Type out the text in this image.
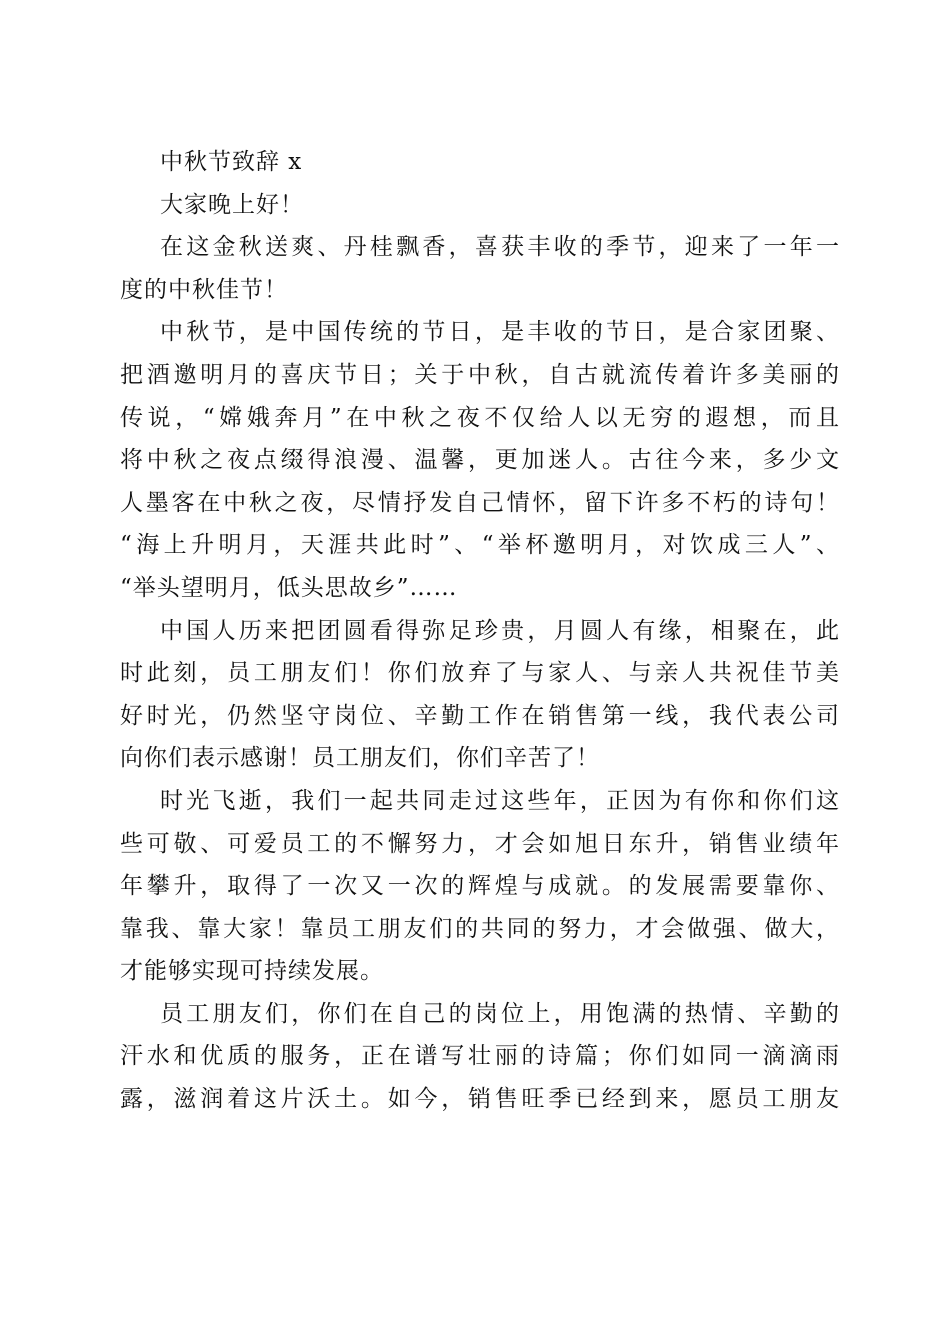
中秋节致辞 x
大家晚上好！
在这金秋送爽、丹桂飘香，喜获丰收的季节，迎来了一年一
度的中秋佳节！
中秋节，是中国传统的节日，是丰收的节日，是合家团聚、
把酒邀明月的喜庆节日；关于中秋，自古就流传着许多美丽的
传说，“嫦娥奔月”在中秋之夜不仅给人以无穷的遐想，而且
将中秋之夜点缀得浪漫、温馨，更加迷人。古往今来，多少文
人墨客在中秋之夜，尽情抒发自己情怀，留下许多不朽的诗句！
“海上升明月，天涯共此时”、“举杯邀明月，对饮成三人”、
“举头望明月，低头思故乡”……
中国人历来把团圆看得弥足珍贵，月圆人有缘，相聚在，此
时此刻，员工朋友们！你们放弃了与家人、与亲人共祝佳节美
好时光，仍然坚守岗位、辛勤工作在销售第一线，我代表公司
向你们表示感谢！员工朋友们，你们辛苦了！
时光飞逝，我们一起共同走过这些年，正因为有你和你们这
些可敬、可爱员工的不懈努力，才会如旭日东升，销售业绩年
年攀升，取得了一次又一次的辉煌与成就。的发展需要靠你、
靠我、靠大家！靠员工朋友们的共同的努力，才会做强、做大，
才能够实现可持续发展。
员工朋友们，你们在自己的岗位上，用饱满的热情、辛勤的
汗水和优质的服务，正在谱写壮丽的诗篇；你们如同一滴滴雨
露，滋润着这片沃土。如今，销售旺季已经到来，愿员工朋友
